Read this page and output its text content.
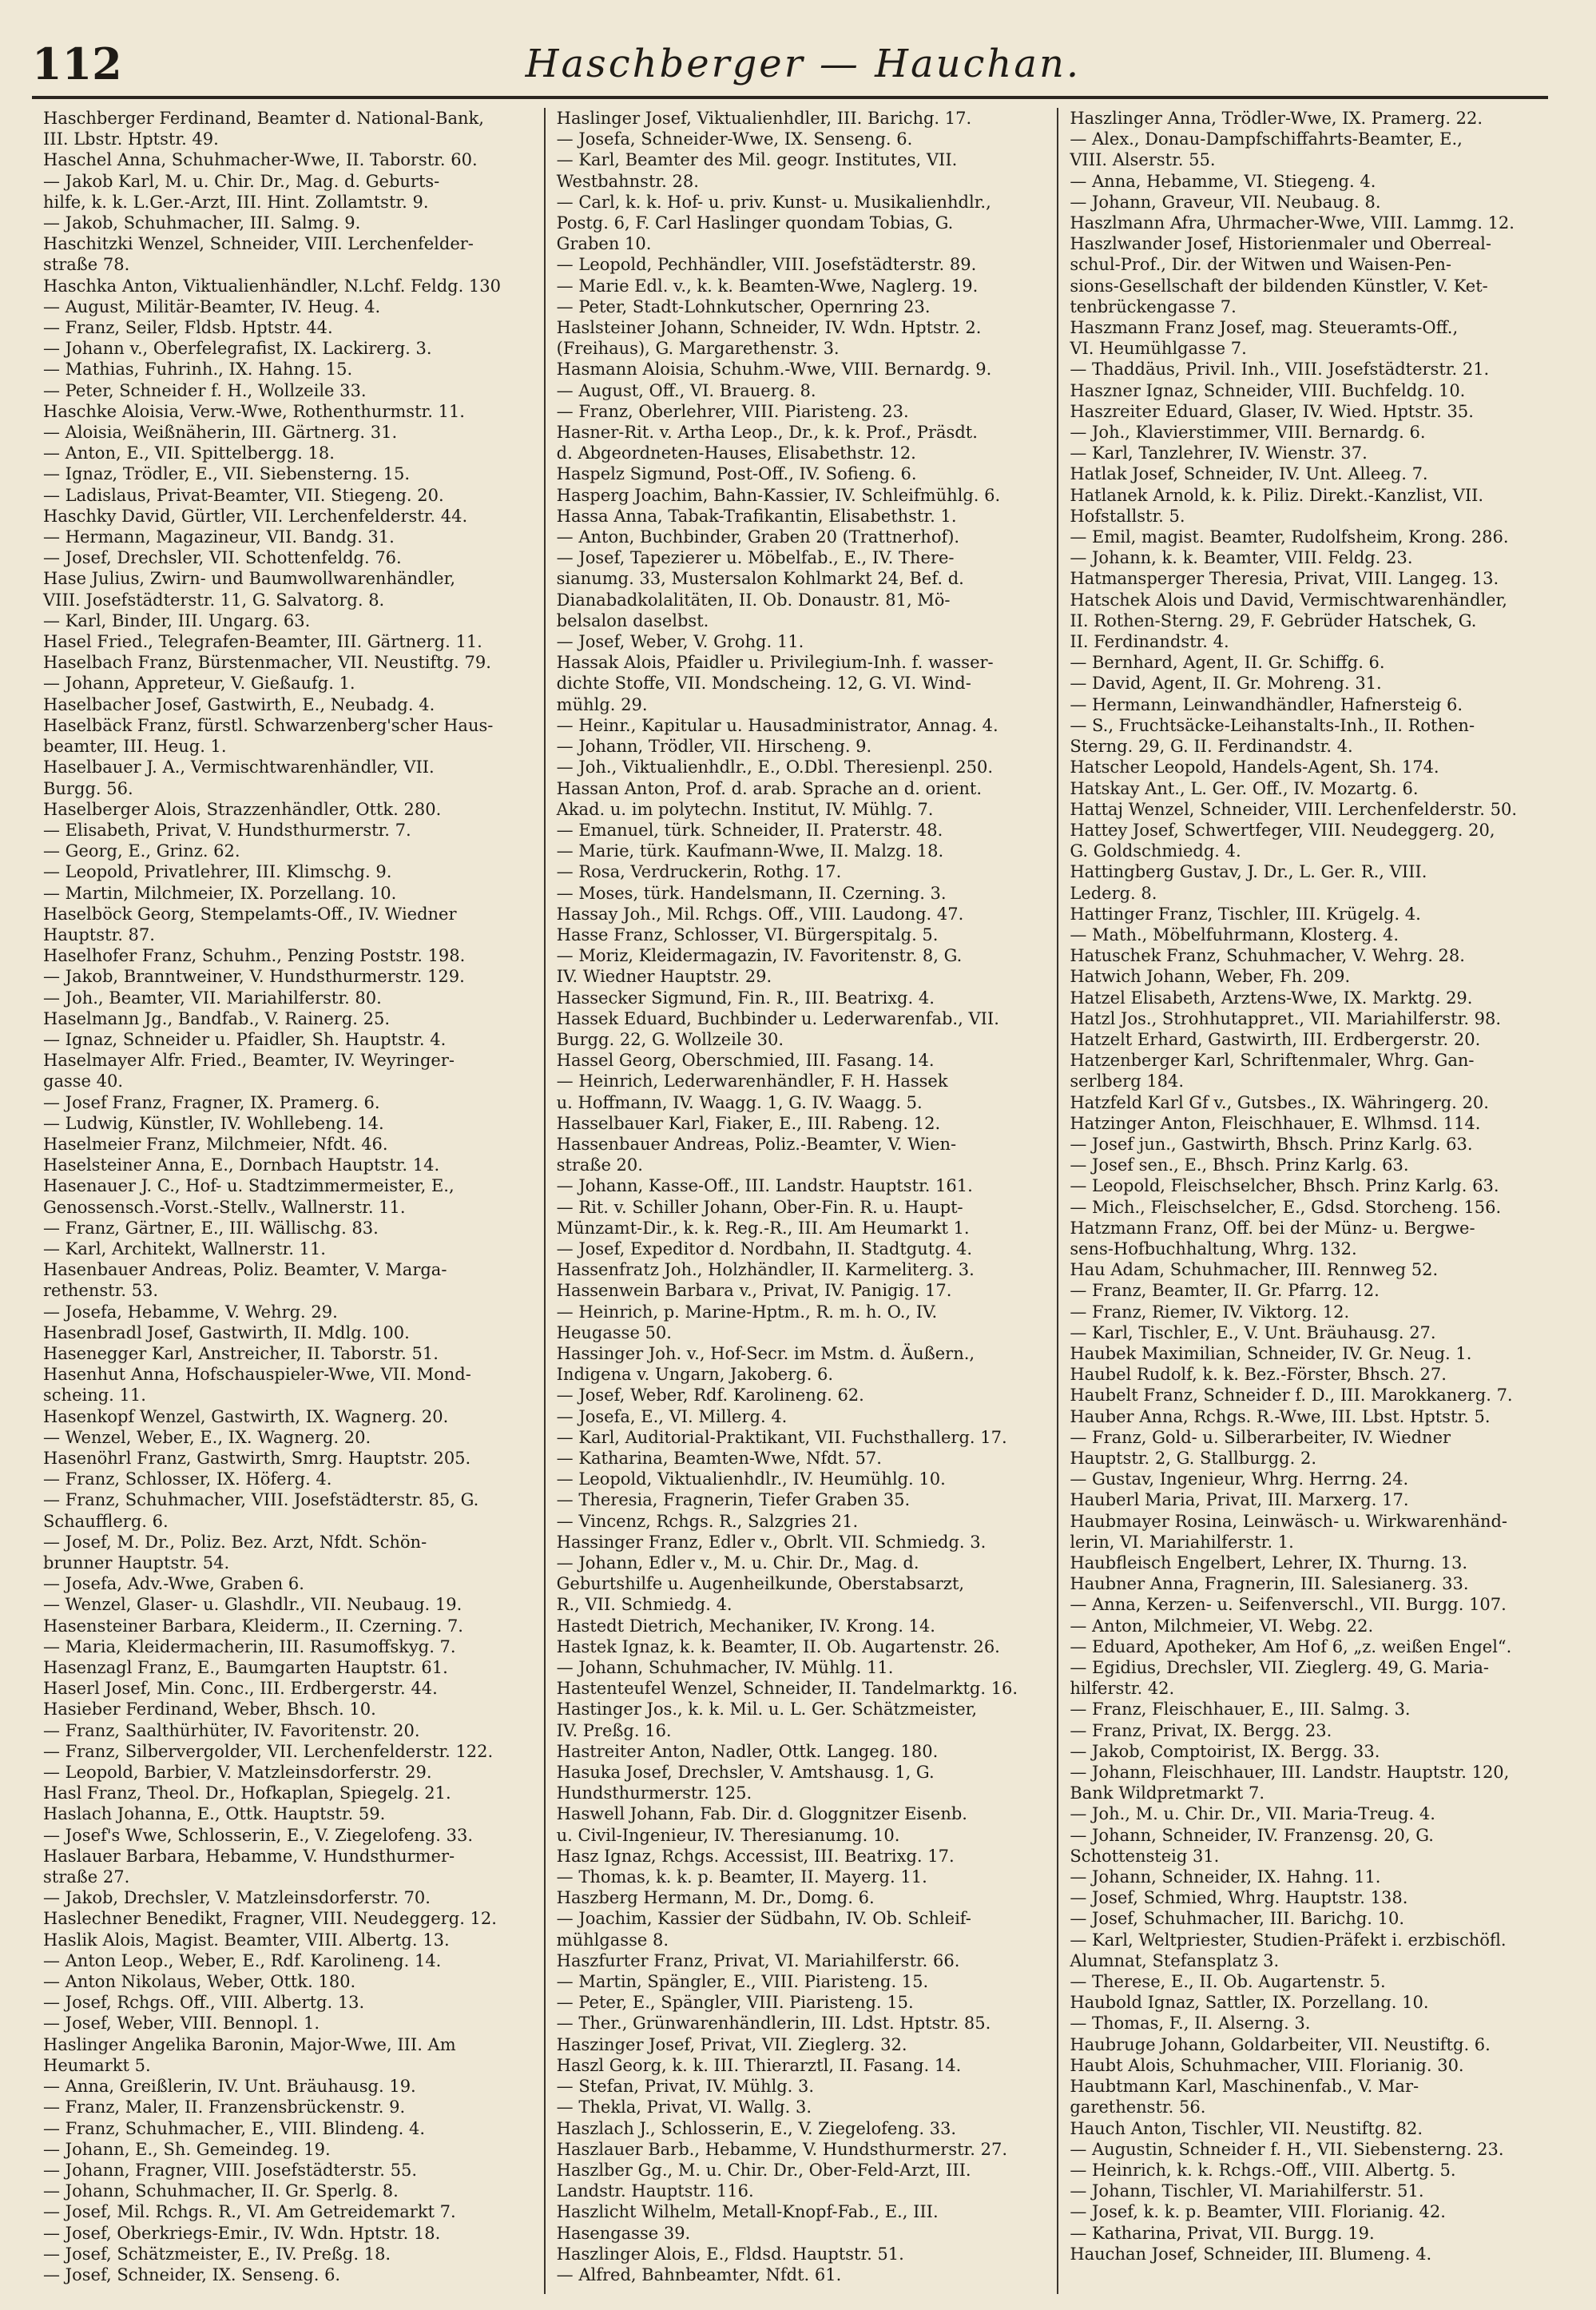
112	Haschberger — Hauchan.
Haschberger Ferdinand, Beamter d. National-Bank,
III. Lbstr. Hptstr. 49.
Haschel Anna, Schuhmacher-Wwe, II. Taborstr. 60.
— Jakob Karl, M. u. Chir. Dr., Mag. d. Geburts-
hilfe, k. k. L.Ger.-Arzt, III. Hint. Zollamtstr. 9.
— Jakob, Schuhmacher, III. Salmg. 9.
Haschitzki Wenzel, Schneider, VIII. Lerchenfelder-
straße 78.
Haschka Anton, Viktualienhändler, N.Lchf. Feldg. 130
— August, Militär-Beamter, IV. Heug. 4.
— Franz, Seiler, Fldsb. Hptstr. 44.
— Johann v., Oberfelegrafist, IX. Lackirerg. 3.
— Mathias, Fuhrinh., IX. Hahng. 15.
— Peter, Schneider f. H., Wollzeile 33.
Haschke Aloisia, Verw.-Wwe, Rothenthurmstr. 11.
— Aloisia, Weißnäherin, III. Gärtnerg. 31.
— Anton, E., VII. Spittelbergg. 18.
— Ignaz, Trödler, E., VII. Siebensterng. 15.
— Ladislaus, Privat-Beamter, VII. Stiegeng. 20.
Haschky David, Gürtler, VII. Lerchenfelderstr. 44.
— Hermann, Magazineur, VII. Bandg. 31.
— Josef, Drechsler, VII. Schottenfeldg. 76.
Hase Julius, Zwirn- und Baumwollwarenhändler,
VIII. Josefstädterstr. 11, G. Salvatorg. 8.
— Karl, Binder, III. Ungarg. 63.
Hasel Fried., Telegrafen-Beamter, III. Gärtnerg. 11.
Haselbach Franz, Bürstenmacher, VII. Neustiftg. 79.
— Johann, Appreteur, V. Gießaufg. 1.
Haselbacher Josef, Gastwirth, E., Neubadg. 4.
Haselbäck Franz, fürstl. Schwarzenberg'scher Haus-
beamter, III. Heug. 1.
Haselbauer J. A., Vermischtwarenhändler, VII.
Burgg. 56.
Haselberger Alois, Strazzenhändler, Ottk. 280.
— Elisabeth, Privat, V. Hundsthurmerstr. 7.
— Georg, E., Grinz. 62.
— Leopold, Privatlehrer, III. Klimschg. 9.
— Martin, Milchmeier, IX. Porzellang. 10.
Haselböck Georg, Stempelamts-Off., IV. Wiedner
Hauptstr. 87.
Haselhofer Franz, Schuhm., Penzing Poststr. 198.
— Jakob, Branntweiner, V. Hundsthurmerstr. 129.
— Joh., Beamter, VII. Mariahilferstr. 80.
Haselmann Jg., Bandfab., V. Rainerg. 25.
— Ignaz, Schneider u. Pfaidler, Sh. Hauptstr. 4.
Haselmayer Alfr. Fried., Beamter, IV. Weyringer-
gasse 40.
— Josef Franz, Fragner, IX. Pramerg. 6.
— Ludwig, Künstler, IV. Wohllebeng. 14.
Haselmeier Franz, Milchmeier, Nfdt. 46.
Haselsteiner Anna, E., Dornbach Hauptstr. 14.
Hasenauer J. C., Hof- u. Stadtzimmermeister, E.,
Genossensch.-Vorst.-Stellv., Wallnerstr. 11.
— Franz, Gärtner, E., III. Wällischg. 83.
— Karl, Architekt, Wallnerstr. 11.
Hasenbauer Andreas, Poliz. Beamter, V. Marga-
rethenstr. 53.
— Josefa, Hebamme, V. Wehrg. 29.
Hasenbradl Josef, Gastwirth, II. Mdlg. 100.
Hasenegger Karl, Anstreicher, II. Taborstr. 51.
Hasenhut Anna, Hofschauspieler-Wwe, VII. Mond-
scheing. 11.
Hasenkopf Wenzel, Gastwirth, IX. Wagnerg. 20.
— Wenzel, Weber, E., IX. Wagnerg. 20.
Hasenöhrl Franz, Gastwirth, Smrg. Hauptstr. 205.
— Franz, Schlosser, IX. Höferg. 4.
— Franz, Schuhmacher, VIII. Josefstädterstr. 85, G.
Schaufflerg. 6.
— Josef, M. Dr., Poliz. Bez. Arzt, Nfdt. Schön-
brunner Hauptstr. 54.
— Josefa, Adv.-Wwe, Graben 6.
— Wenzel, Glaser- u. Glashdlr., VII. Neubaug. 19.
Hasensteiner Barbara, Kleiderm., II. Czerning. 7.
— Maria, Kleidermacherin, III. Rasumoffskyg. 7.
Hasenzagl Franz, E., Baumgarten Hauptstr. 61.
Haserl Josef, Min. Conc., III. Erdbergerstr. 44.
Hasieber Ferdinand, Weber, Bhsch. 10.
— Franz, Saalthürhüter, IV. Favoritenstr. 20.
— Franz, Silbervergolder, VII. Lerchenfelderstr. 122.
— Leopold, Barbier, V. Matzleinsdorferstr. 29.
Hasl Franz, Theol. Dr., Hofkaplan, Spiegelg. 21.
Haslach Johanna, E., Ottk. Hauptstr. 59.
— Josef's Wwe, Schlosserin, E., V. Ziegelofeng. 33.
Haslauer Barbara, Hebamme, V. Hundsthurmer-
straße 27.
— Jakob, Drechsler, V. Matzleinsdorferstr. 70.
Haslechner Benedikt, Fragner, VIII. Neudeggerg. 12.
Haslik Alois, Magist. Beamter, VIII. Albertg. 13.
— Anton Leop., Weber, E., Rdf. Karolineng. 14.
— Anton Nikolaus, Weber, Ottk. 180.
— Josef, Rchgs. Off., VIII. Albertg. 13.
— Josef, Weber, VIII. Bennopl. 1.
Haslinger Angelika Baronin, Major-Wwe, III. Am
Heumarkt 5.
— Anna, Greißlerin, IV. Unt. Bräuhausg. 19.
— Franz, Maler, II. Franzensbrückenstr. 9.
— Franz, Schuhmacher, E., VIII. Blindeng. 4.
— Johann, E., Sh. Gemeindeg. 19.
— Johann, Fragner, VIII. Josefstädterstr. 55.
— Johann, Schuhmacher, II. Gr. Sperlg. 8.
— Josef, Mil. Rchgs. R., VI. Am Getreidemarkt 7.
— Josef, Oberkriegs-Emir., IV. Wdn. Hptstr. 18.
— Josef, Schätzmeister, E., IV. Preßg. 18.
— Josef, Schneider, IX. Senseng. 6.
Haslinger Josef, Viktualienhdler, III. Barichg. 17.
— Josefa, Schneider-Wwe, IX. Senseng. 6.
— Karl, Beamter des Mil. geogr. Institutes, VII.
Westbahnstr. 28.
— Carl, k. k. Hof- u. priv. Kunst- u. Musikalienhdlr.,
Postg. 6, F. Carl Haslinger quondam Tobias, G.
Graben 10.
— Leopold, Pechhändler, VIII. Josefstädterstr. 89.
— Marie Edl. v., k. k. Beamten-Wwe, Naglerg. 19.
— Peter, Stadt-Lohnkutscher, Opernring 23.
Haslsteiner Johann, Schneider, IV. Wdn. Hptstr. 2.
(Freihaus), G. Margarethenstr. 3.
Hasmann Aloisia, Schuhm.-Wwe, VIII. Bernardg. 9.
— August, Off., VI. Brauerg. 8.
— Franz, Oberlehrer, VIII. Piaristeng. 23.
Hasner-Rit. v. Artha Leop., Dr., k. k. Prof., Präsdt.
d. Abgeordneten-Hauses, Elisabethstr. 12.
Haspelz Sigmund, Post-Off., IV. Sofieng. 6.
Hasperg Joachim, Bahn-Kassier, IV. Schleifmühlg. 6.
Hassa Anna, Tabak-Trafikantin, Elisabethstr. 1.
— Anton, Buchbinder, Graben 20 (Trattnerhof).
— Josef, Tapezierer u. Möbelfab., E., IV. There-
sianumg. 33, Mustersalon Kohlmarkt 24, Bef. d.
Dianabadkolalitäten, II. Ob. Donaustr. 81, Mö-
belsalon daselbst.
— Josef, Weber, V. Grohg. 11.
Hassak Alois, Pfaidler u. Privilegium-Inh. f. wasser-
dichte Stoffe, VII. Mondscheing. 12, G. VI. Wind-
mühlg. 29.
— Heinr., Kapitular u. Hausadministrator, Annag. 4.
— Johann, Trödler, VII. Hirscheng. 9.
— Joh., Viktualienhdlr., E., O.Dbl. Theresienpl. 250.
Hassan Anton, Prof. d. arab. Sprache an d. orient.
Akad. u. im polytechn. Institut, IV. Mühlg. 7.
— Emanuel, türk. Schneider, II. Praterstr. 48.
— Marie, türk. Kaufmann-Wwe, II. Malzg. 18.
— Rosa, Verdruckerin, Rothg. 17.
— Moses, türk. Handelsmann, II. Czerning. 3.
Hassay Joh., Mil. Rchgs. Off., VIII. Laudong. 47.
Hasse Franz, Schlosser, VI. Bürgerspitalg. 5.
— Moriz, Kleidermagazin, IV. Favoritenstr. 8, G.
IV. Wiedner Hauptstr. 29.
Hassecker Sigmund, Fin. R., III. Beatrixg. 4.
Hassek Eduard, Buchbinder u. Lederwarenfab., VII.
Burgg. 22, G. Wollzeile 30.
Hassel Georg, Oberschmied, III. Fasang. 14.
— Heinrich, Lederwarenhändler, F. H. Hassek
u. Hoffmann, IV. Waagg. 1, G. IV. Waagg. 5.
Hasselbauer Karl, Fiaker, E., III. Rabeng. 12.
Hassenbauer Andreas, Poliz.-Beamter, V. Wien-
straße 20.
— Johann, Kasse-Off., III. Landstr. Hauptstr. 161.
— Rit. v. Schiller Johann, Ober-Fin. R. u. Haupt-
Münzamt-Dir., k. k. Reg.-R., III. Am Heumarkt 1.
— Josef, Expeditor d. Nordbahn, II. Stadtgutg. 4.
Hassenfratz Joh., Holzhändler, II. Karmeliterg. 3.
Hassenwein Barbara v., Privat, IV. Panigig. 17.
— Heinrich, p. Marine-Hptm., R. m. h. O., IV.
Heugasse 50.
Hassinger Joh. v., Hof-Secr. im Mstm. d. Äußern.,
Indigena v. Ungarn, Jakoberg. 6.
— Josef, Weber, Rdf. Karolineng. 62.
— Josefa, E., VI. Millerg. 4.
— Karl, Auditorial-Praktikant, VII. Fuchsthallerg. 17.
— Katharina, Beamten-Wwe, Nfdt. 57.
— Leopold, Viktualienhdlr., IV. Heumühlg. 10.
— Theresia, Fragnerin, Tiefer Graben 35.
— Vincenz, Rchgs. R., Salzgries 21.
Hassinger Franz, Edler v., Obrlt. VII. Schmiedg. 3.
— Johann, Edler v., M. u. Chir. Dr., Mag. d.
Geburtshilfe u. Augenheilkunde, Oberstabsarzt,
R., VII. Schmiedg. 4.
Hastedt Dietrich, Mechaniker, IV. Krong. 14.
Hastek Ignaz, k. k. Beamter, II. Ob. Augartenstr. 26.
— Johann, Schuhmacher, IV. Mühlg. 11.
Hastenteufel Wenzel, Schneider, II. Tandelmarktg. 16.
Hastinger Jos., k. k. Mil. u. L. Ger. Schätzmeister,
IV. Preßg. 16.
Hastreiter Anton, Nadler, Ottk. Langeg. 180.
Hasuka Josef, Drechsler, V. Amtshausg. 1, G.
Hundsthurmerstr. 125.
Haswell Johann, Fab. Dir. d. Gloggnitzer Eisenb.
u. Civil-Ingenieur, IV. Theresianumg. 10.
Hasz Ignaz, Rchgs. Accessist, III. Beatrixg. 17.
— Thomas, k. k. p. Beamter, II. Mayerg. 11.
Haszberg Hermann, M. Dr., Domg. 6.
— Joachim, Kassier der Südbahn, IV. Ob. Schleif-
mühlgasse 8.
Haszfurter Franz, Privat, VI. Mariahilferstr. 66.
— Martin, Spängler, E., VIII. Piaristeng. 15.
— Peter, E., Spängler, VIII. Piaristeng. 15.
— Ther., Grünwarenhändlerin, III. Ldst. Hptstr. 85.
Haszinger Josef, Privat, VII. Zieglerg. 32.
Haszl Georg, k. k. III. Thierarztl, II. Fasang. 14.
— Stefan, Privat, IV. Mühlg. 3.
— Thekla, Privat, VI. Wallg. 3.
Haszlach J., Schlosserin, E., V. Ziegelofeng. 33.
Haszlauer Barb., Hebamme, V. Hundsthurmerstr. 27.
Haszlber Gg., M. u. Chir. Dr., Ober-Feld-Arzt, III.
Landstr. Hauptstr. 116.
Haszlicht Wilhelm, Metall-Knopf-Fab., E., III.
Hasengasse 39.
Haszlinger Alois, E., Fldsd. Hauptstr. 51.
— Alfred, Bahnbeamter, Nfdt. 61.
Haszlinger Anna, Trödler-Wwe, IX. Pramerg. 22.
— Alex., Donau-Dampfschiffahrts-Beamter, E.,
VIII. Alserstr. 55.
— Anna, Hebamme, VI. Stiegeng. 4.
— Johann, Graveur, VII. Neubaug. 8.
Haszlmann Afra, Uhrmacher-Wwe, VIII. Lammg. 12.
Haszlwander Josef, Historienmaler und Oberreal-
schul-Prof., Dir. der Witwen und Waisen-Pen-
sions-Gesellschaft der bildenden Künstler, V. Ket-
tenbrückengasse 7.
Haszmann Franz Josef, mag. Steueramts-Off.,
VI. Heumühlgasse 7.
— Thaddäus, Privil. Inh., VIII. Josefstädterstr. 21.
Haszner Ignaz, Schneider, VIII. Buchfeldg. 10.
Haszreiter Eduard, Glaser, IV. Wied. Hptstr. 35.
— Joh., Klavierstimmer, VIII. Bernardg. 6.
— Karl, Tanzlehrer, IV. Wienstr. 37.
Hatlak Josef, Schneider, IV. Unt. Alleeg. 7.
Hatlanek Arnold, k. k. Piliz. Direkt.-Kanzlist, VII.
Hofstallstr. 5.
— Emil, magist. Beamter, Rudolfsheim, Krong. 286.
— Johann, k. k. Beamter, VIII. Feldg. 23.
Hatmansperger Theresia, Privat, VIII. Langeg. 13.
Hatschek Alois und David, Vermischtwarenhändler,
II. Rothen-Sterng. 29, F. Gebrüder Hatschek, G.
II. Ferdinandstr. 4.
— Bernhard, Agent, II. Gr. Schiffg. 6.
— David, Agent, II. Gr. Mohreng. 31.
— Hermann, Leinwandhändler, Hafnersteig 6.
— S., Fruchtsäcke-Leihanstalts-Inh., II. Rothen-
Sterng. 29, G. II. Ferdinandstr. 4.
Hatscher Leopold, Handels-Agent, Sh. 174.
Hatskay Ant., L. Ger. Off., IV. Mozartg. 6.
Hattaj Wenzel, Schneider, VIII. Lerchenfelderstr. 50.
Hattey Josef, Schwertfeger, VIII. Neudeggerg. 20,
G. Goldschmiedg. 4.
Hattingberg Gustav, J. Dr., L. Ger. R., VIII.
Lederg. 8.
Hattinger Franz, Tischler, III. Krügelg. 4.
— Math., Möbelfuhrmann, Klosterg. 4.
Hatuschek Franz, Schuhmacher, V. Wehrg. 28.
Hatwich Johann, Weber, Fh. 209.
Hatzel Elisabeth, Arztens-Wwe, IX. Marktg. 29.
Hatzl Jos., Strohhutappret., VII. Mariahilferstr. 98.
Hatzelt Erhard, Gastwirth, III. Erdbergerstr. 20.
Hatzenberger Karl, Schriftenmaler, Whrg. Gan-
serlberg 184.
Hatzfeld Karl Gf v., Gutsbes., IX. Währingerg. 20.
Hatzinger Anton, Fleischhauer, E. Wlhmsd. 114.
— Josef jun., Gastwirth, Bhsch. Prinz Karlg. 63.
— Josef sen., E., Bhsch. Prinz Karlg. 63.
— Leopold, Fleischselcher, Bhsch. Prinz Karlg. 63.
— Mich., Fleischselcher, E., Gdsd. Storcheng. 156.
Hatzmann Franz, Off. bei der Münz- u. Bergwe-
sens-Hofbuchhaltung, Whrg. 132.
Hau Adam, Schuhmacher, III. Rennweg 52.
— Franz, Beamter, II. Gr. Pfarrg. 12.
— Franz, Riemer, IV. Viktorg. 12.
— Karl, Tischler, E., V. Unt. Bräuhausg. 27.
Haubek Maximilian, Schneider, IV. Gr. Neug. 1.
Haubel Rudolf, k. k. Bez.-Förster, Bhsch. 27.
Haubelt Franz, Schneider f. D., III. Marokkanerg. 7.
Hauber Anna, Rchgs. R.-Wwe, III. Lbst. Hptstr. 5.
— Franz, Gold- u. Silberarbeiter, IV. Wiedner
Hauptstr. 2, G. Stallburgg. 2.
— Gustav, Ingenieur, Whrg. Herrng. 24.
Hauberl Maria, Privat, III. Marxerg. 17.
Haubmayer Rosina, Leinwäsch- u. Wirkwarenhänd-
lerin, VI. Mariahilferstr. 1.
Haubfleisch Engelbert, Lehrer, IX. Thurng. 13.
Haubner Anna, Fragnerin, III. Salesianerg. 33.
— Anna, Kerzen- u. Seifenverschl., VII. Burgg. 107.
— Anton, Milchmeier, VI. Webg. 22.
— Eduard, Apotheker, Am Hof 6, „z. weißen Engel“.
— Egidius, Drechsler, VII. Zieglerg. 49, G. Maria-
hilferstr. 42.
— Franz, Fleischhauer, E., III. Salmg. 3.
— Franz, Privat, IX. Bergg. 23.
— Jakob, Comptoirist, IX. Bergg. 33.
— Johann, Fleischhauer, III. Landstr. Hauptstr. 120,
Bank Wildpretmarkt 7.
— Joh., M. u. Chir. Dr., VII. Maria-Treug. 4.
— Johann, Schneider, IV. Franzensg. 20, G.
Schottensteig 31.
— Johann, Schneider, IX. Hahng. 11.
— Josef, Schmied, Whrg. Hauptstr. 138.
— Josef, Schuhmacher, III. Barichg. 10.
— Karl, Weltpriester, Studien-Präfekt i. erzbischöfl.
Alumnat, Stefansplatz 3.
— Therese, E., II. Ob. Augartenstr. 5.
Haubold Ignaz, Sattler, IX. Porzellang. 10.
— Thomas, F., II. Alserng. 3.
Haubruge Johann, Goldarbeiter, VII. Neustiftg. 6.
Haubt Alois, Schuhmacher, VIII. Florianig. 30.
Haubtmann Karl, Maschinenfab., V. Mar-
garethenstr. 56.
Hauch Anton, Tischler, VII. Neustiftg. 82.
— Augustin, Schneider f. H., VII. Siebensterng. 23.
— Heinrich, k. k. Rchgs.-Off., VIII. Albertg. 5.
— Johann, Tischler, VI. Mariahilferstr. 51.
— Josef, k. k. p. Beamter, VIII. Florianig. 42.
— Katharina, Privat, VII. Burgg. 19.
Hauchan Josef, Schneider, III. Blumeng. 4.
